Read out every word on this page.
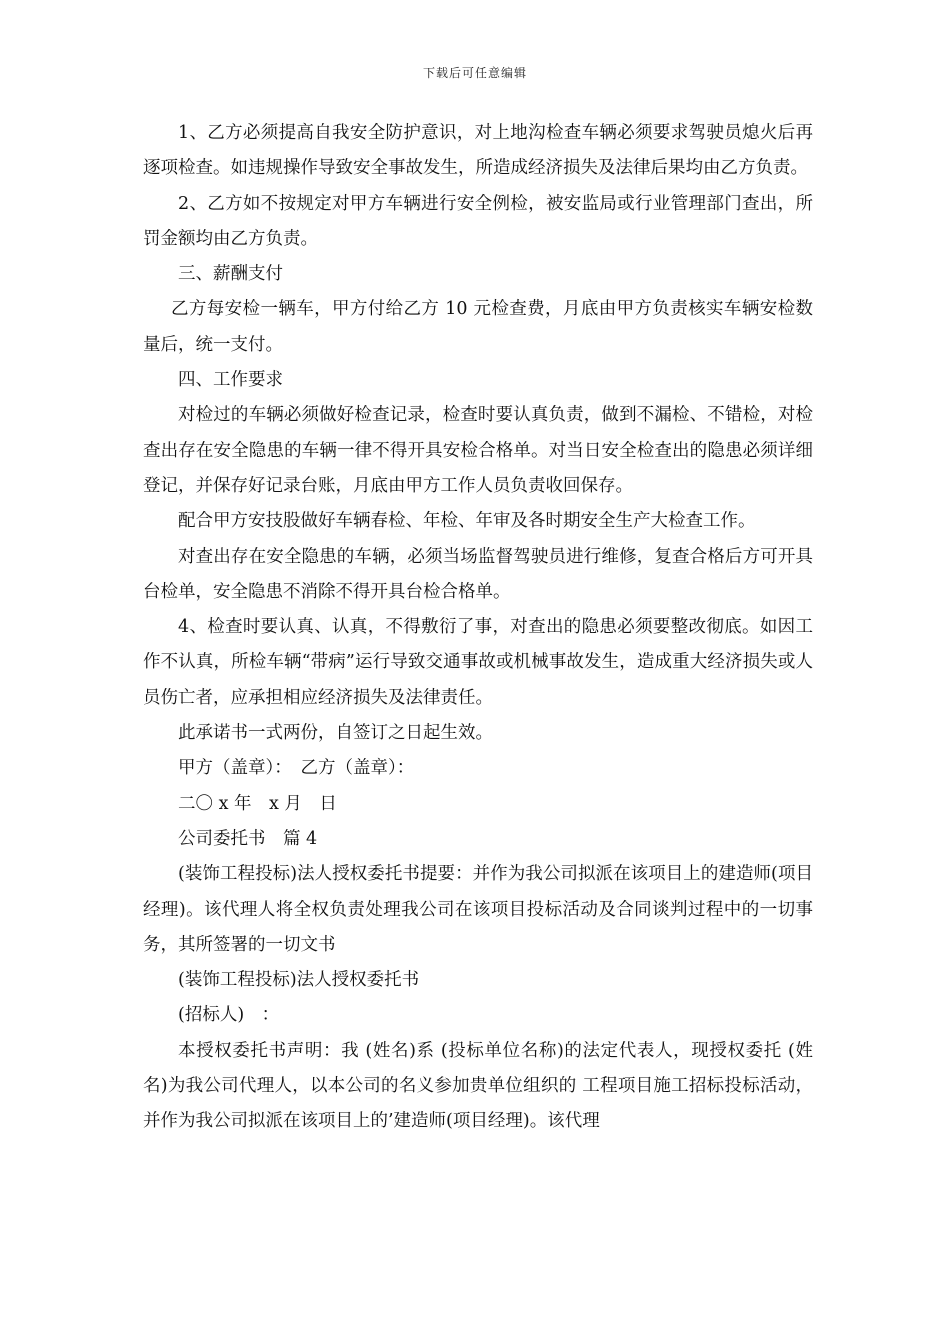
下载后可任意编辑

1、乙方必须提高自我安全防护意识，对上地沟检查车辆必须要求驾驶员熄火后再逐项检查。如违规操作导致安全事故发生，所造成经济损失及法律后果均由乙方负责。

2、乙方如不按规定对甲方车辆进行安全例检，被安监局或行业管理部门查出，所罚金额均由乙方负责。

三、薪酬支付

乙方每安检一辆车，甲方付给乙方 10 元检查费，月底由甲方负责核实车辆安检数量后，统一支付。

四、工作要求

对检过的车辆必须做好检查记录，检查时要认真负责，做到不漏检、不错检，对检查出存在安全隐患的车辆一律不得开具安检合格单。对当日安全检查出的隐患必须详细登记，并保存好记录台账，月底由甲方工作人员负责收回保存。

配合甲方安技股做好车辆春检、年检、年审及各时期安全生产大检查工作。

对查出存在安全隐患的车辆，必须当场监督驾驶员进行维修，复查合格后方可开具台检单，安全隐患不消除不得开具台检合格单。

4、检查时要认真、认真，不得敷衍了事，对查出的隐患必须要整改彻底。如因工作不认真，所检车辆“带病”运行导致交通事故或机械事故发生，造成重大经济损失或人员伤亡者，应承担相应经济损失及法律责任。

此承诺书一式两份，自签订之日起生效。

甲方（盖章）：　乙方（盖章）：

二〇 x 年　x 月　日

公司委托书　篇 4

(装饰工程投标)法人授权委托书提要：并作为我公司拟派在该项目上的建造师(项目经理)。该代理人将全权负责处理我公司在该项目投标活动及合同谈判过程中的一切事务，其所签署的一切文书

(装饰工程投标)法人授权委托书

(招标人)　：

本授权委托书声明：我 (姓名)系 (投标单位名称)的法定代表人，现授权委托 (姓名)为我公司代理人，以本公司的名义参加贵单位组织的 工程项目施工招标投标活动，并作为我公司拟派在该项目上的’建造师(项目经理)。该代理
